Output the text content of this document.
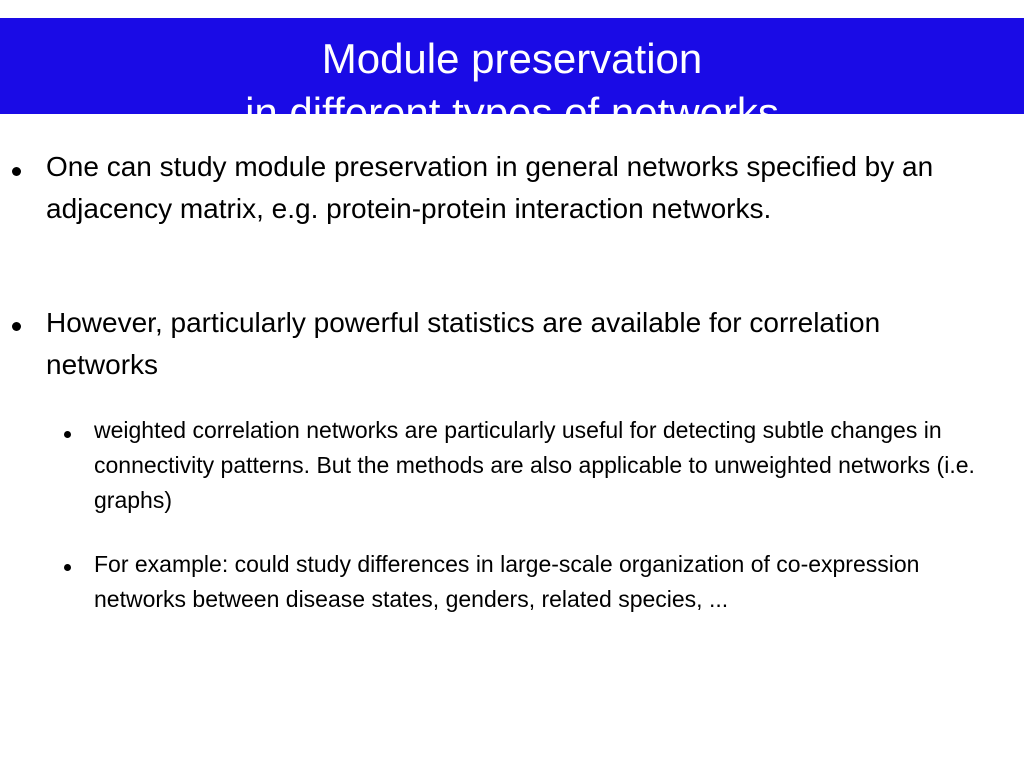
Module preservation
in different types of networks
One can study module preservation in general networks specified by an adjacency matrix, e.g. protein-protein interaction networks.
However, particularly powerful statistics are available for correlation networks
weighted correlation networks are particularly useful for detecting subtle changes in connectivity patterns. But the methods are also applicable to unweighted networks (i.e. graphs)
For example: could study differences in large-scale organization of co-expression networks between disease states, genders, related species, ...
